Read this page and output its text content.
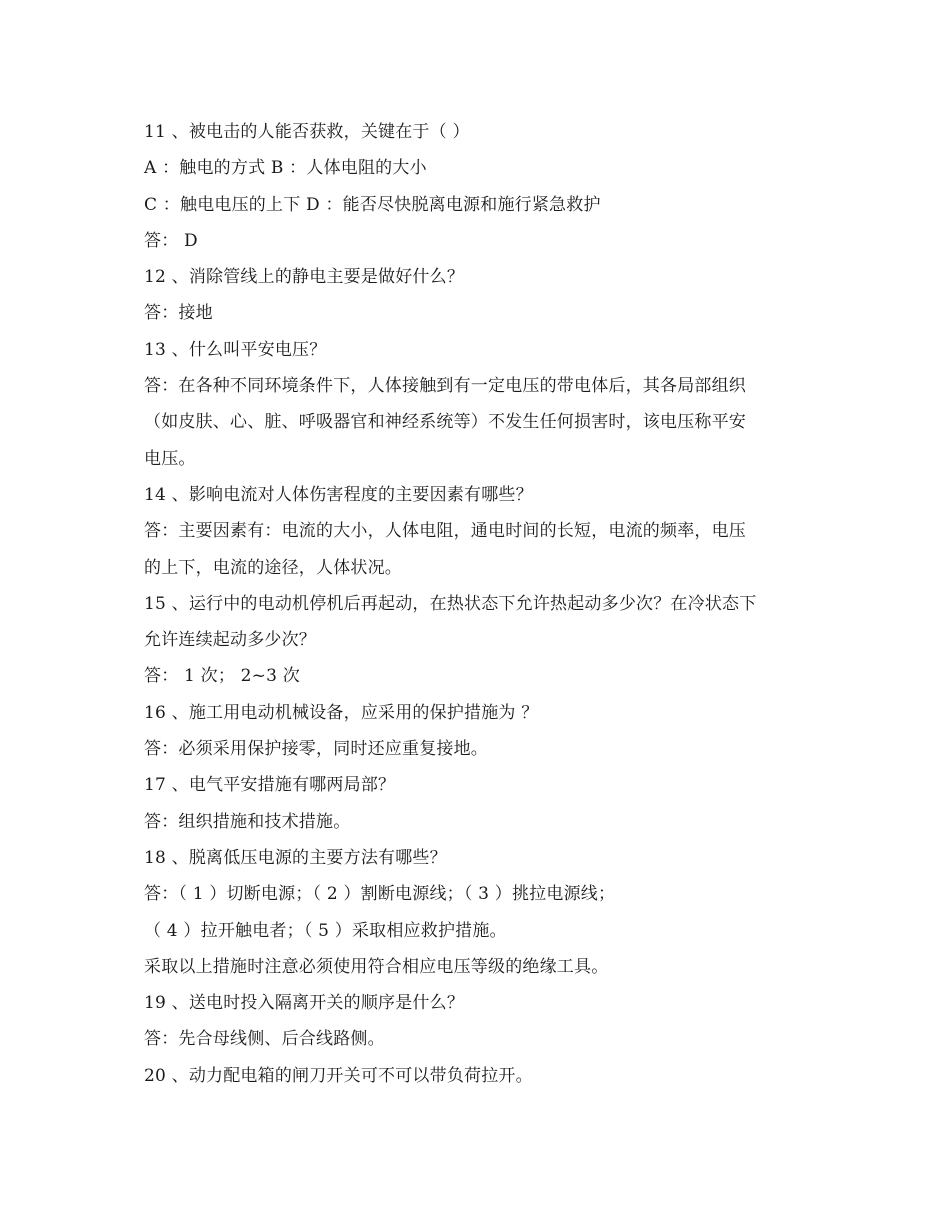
11 、被电击的人能否获救，关键在于（ ）
A ：触电的方式 B ：人体电阻的大小
C ：触电电压的上下 D ：能否尽快脱离电源和施行紧急救护
答： D
12 、消除管线上的静电主要是做好什么？
答：接地
13 、什么叫平安电压？
答：在各种不同环境条件下，人体接触到有一定电压的带电体后，其各局部组织
（如皮肤、心、脏、呼吸器官和神经系统等）不发生任何损害时，该电压称平安
电压。
14 、影响电流对人体伤害程度的主要因素有哪些？
答：主要因素有：电流的大小，人体电阻，通电时间的长短，电流的频率，电压
的上下，电流的途径，人体状况。
15 、运行中的电动机停机后再起动，在热状态下允许热起动多少次？在冷状态下
允许连续起动多少次？
答： 1 次； 2~3 次
16 、施工用电动机械设备，应采用的保护措施为 ？
答：必须采用保护接零，同时还应重复接地。
17 、电气平安措施有哪两局部？
答：组织措施和技术措施。
18 、脱离低压电源的主要方法有哪些？
答：（ 1 ）切断电源；（ 2 ）割断电源线；（ 3 ）挑拉电源线；
（ 4 ）拉开触电者；（ 5 ）采取相应救护措施。
采取以上措施时注意必须使用符合相应电压等级的绝缘工具。
19 、送电时投入隔离开关的顺序是什么？
答：先合母线侧、后合线路侧。
20 、动力配电箱的闸刀开关可不可以带负荷拉开。
